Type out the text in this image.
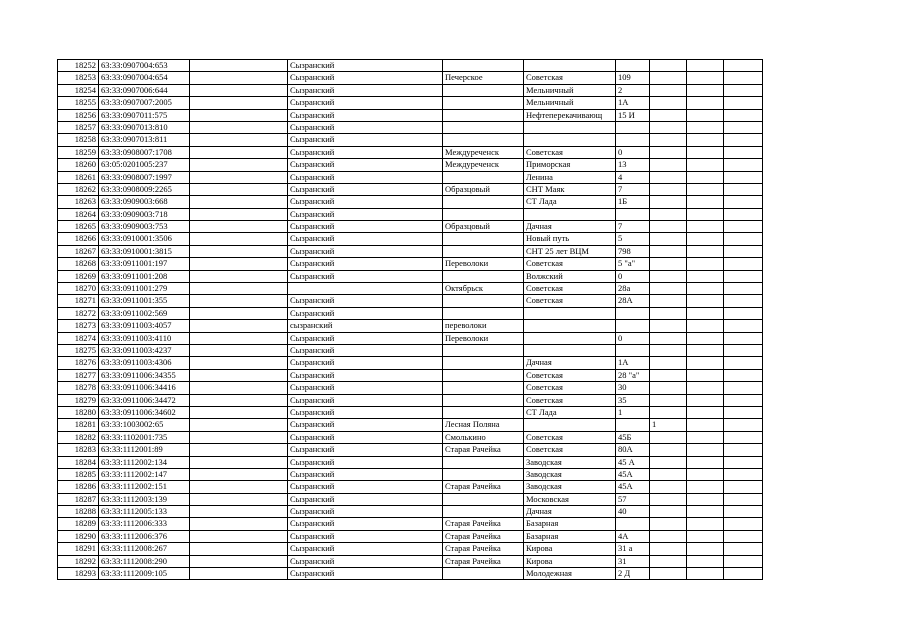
18252	63:33:0907004:653		Сызранский						
18253	63:33:0907004:654		Сызранский	Печерское	Советская	109			
18254	63:33:0907006:644		Сызранский		Мельничный	2			
18255	63:33:0907007:2005		Сызранский		Мельничный	1А			
18256	63:33:0907011:575		Сызранский		Нефтеперекачивающ	15 И			
18257	63:33:0907013:810		Сызранский						
18258	63:33:0907013:811		Сызранский						
18259	63:33:0908007:1708		Сызранский	Междуреченск	Советская	0			
18260	63:05:0201005:237		Сызранский	Междуреченск	Приморская	13			
18261	63:33:0908007:1997		Сызранский		Ленина	4			
18262	63:33:0908009:2265		Сызранский	Образцовый	СНТ Маяк	7			
18263	63:33:0909003:668		Сызранский		СТ Лада	1Б			
18264	63:33:0909003:718		Сызранский						
18265	63:33:0909003:753		Сызранский	Образцовый	Дачная	7			
18266	63:33:0910001:3506		Сызранский		Новый путь	5			
18267	63:33:0910001:3815		Сызранский		СНТ 25 лет ВЦМ	798			
18268	63:33:0911001:197		Сызранский	Переволоки	Советская	5 "а"			
18269	63:33:0911001:208		Сызранский		Волжский	0			
18270	63:33:0911001:279			Октябрьск	Советская	28а			
18271	63:33:0911001:355		Сызранский		Советская	28А			
18272	63:33:0911002:569		Сызранский						
18273	63:33:0911003:4057		сызранский	переволоки					
18274	63:33:0911003:4110		Сызранский	Переволоки		0			
18275	63:33:0911003:4237		Сызранский						
18276	63:33:0911003:4306		Сызранский		Дачная	1А			
18277	63:33:0911006:34355		Сызранский		Советская	28 "а"			
18278	63:33:0911006:34416		Сызранский		Советская	30			
18279	63:33:0911006:34472		Сызранский		Советская	35			
18280	63:33:0911006:34602		Сызранский		СТ Лада	1			
18281	63:33:1003002:65		Сызранский	Лесная Поляна			1		
18282	63:33:1102001:735		Сызранский	Смолькино	Советская	45Б			
18283	63:33:1112001:89		Сызранский	Старая Рачейка	Советская	80А			
18284	63:33:1112002:134		Сызранский		Заводская	45 А			
18285	63:33:1112002:147		Сызранский		Заводская	45А			
18286	63:33:1112002:151		Сызранский	Старая Рачейка	Заводская	45А			
18287	63:33:1112003:139		Сызранский		Московская	57			
18288	63:33:1112005:133		Сызранский		Дачная	40			
18289	63:33:1112006:333		Сызранский	Старая Рачейка	Базарная				
18290	63:33:1112006:376		Сызранский	Старая Рачейка	Базарная	4А			
18291	63:33:1112008:267		Сызранский	Старая Рачейка	Кирова	31 а			
18292	63:33:1112008:290		Сызранский	Старая Рачейка	Кирова	31			
18293	63:33:1112009:105		Сызранский		Молодежная	2 Д			
